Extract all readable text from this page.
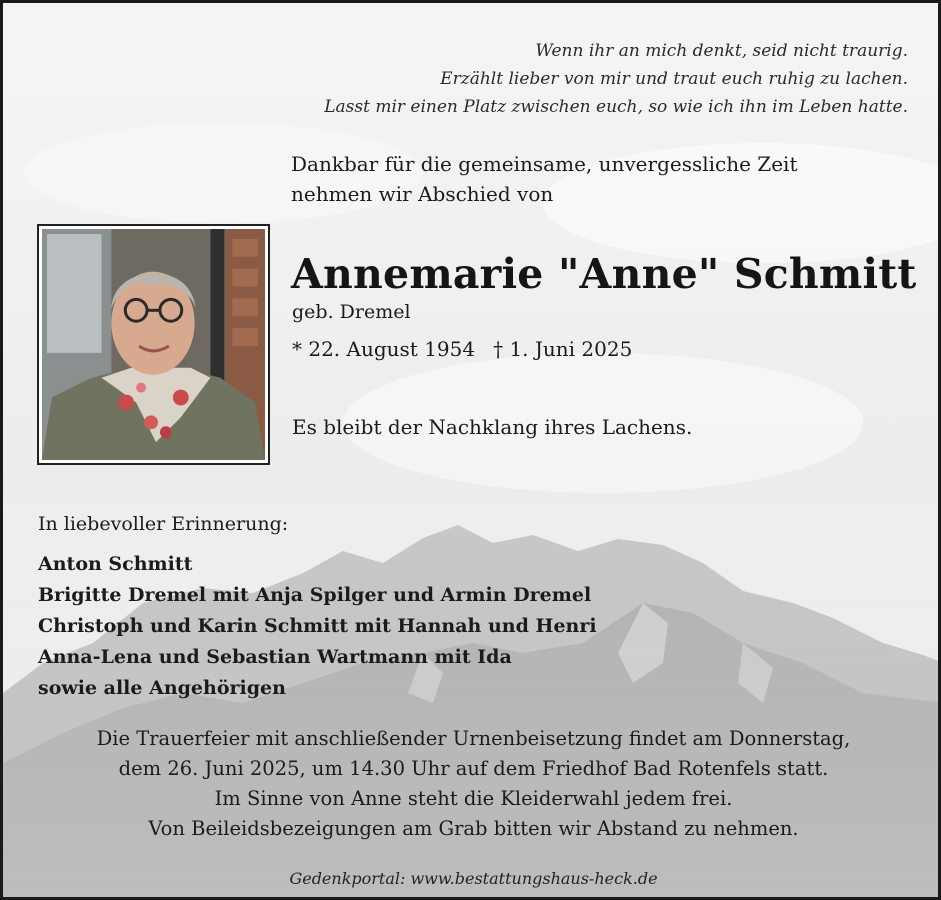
Wenn ihr an mich denkt, seid nicht traurig.
Erzählt lieber von mir und traut euch ruhig zu lachen.
Lasst mir einen Platz zwischen euch, so wie ich ihn im Leben hatte.
Dankbar für die gemeinsame, unvergessliche Zeit
nehmen wir Abschied von
Annemarie "Anne" Schmitt
geb. Dremel
* 22. August 1954 † 1. Juni 2025
Es bleibt der Nachklang ihres Lachens.
In liebevoller Erinnerung:
Anton Schmitt
Brigitte Dremel mit Anja Spilger und Armin Dremel
Christoph und Karin Schmitt mit Hannah und Henri
Anna-Lena und Sebastian Wartmann mit Ida
sowie alle Angehörigen
Die Trauerfeier mit anschließender Urnenbeisetzung findet am Donnerstag,
dem 26. Juni 2025, um 14.30 Uhr auf dem Friedhof Bad Rotenfels statt.
Im Sinne von Anne steht die Kleiderwahl jedem frei.
Von Beileidsbezeigungen am Grab bitten wir Abstand zu nehmen.
Gedenkportal: www.bestattungshaus-heck.de
